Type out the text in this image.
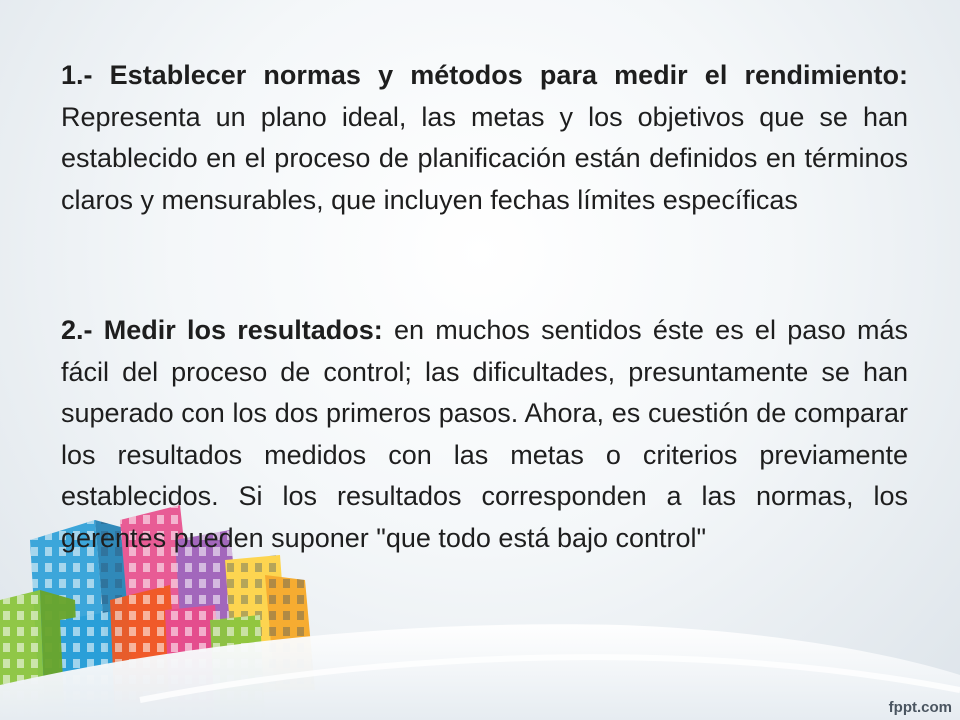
1.- Establecer normas y métodos para medir el rendimiento: Representa un plano ideal, las metas y los objetivos que se han establecido en el proceso de planificación están definidos en términos claros y mensurables, que incluyen fechas límites específicas

2.- Medir los resultados: en muchos sentidos éste es el paso más fácil del proceso de control; las dificultades, presuntamente se han superado con los dos primeros pasos. Ahora, es cuestión de comparar los resultados medidos con las metas o criterios previamente establecidos. Si los resultados corresponden a las normas, los gerentes pueden suponer "que todo está bajo control"

fppt.com
